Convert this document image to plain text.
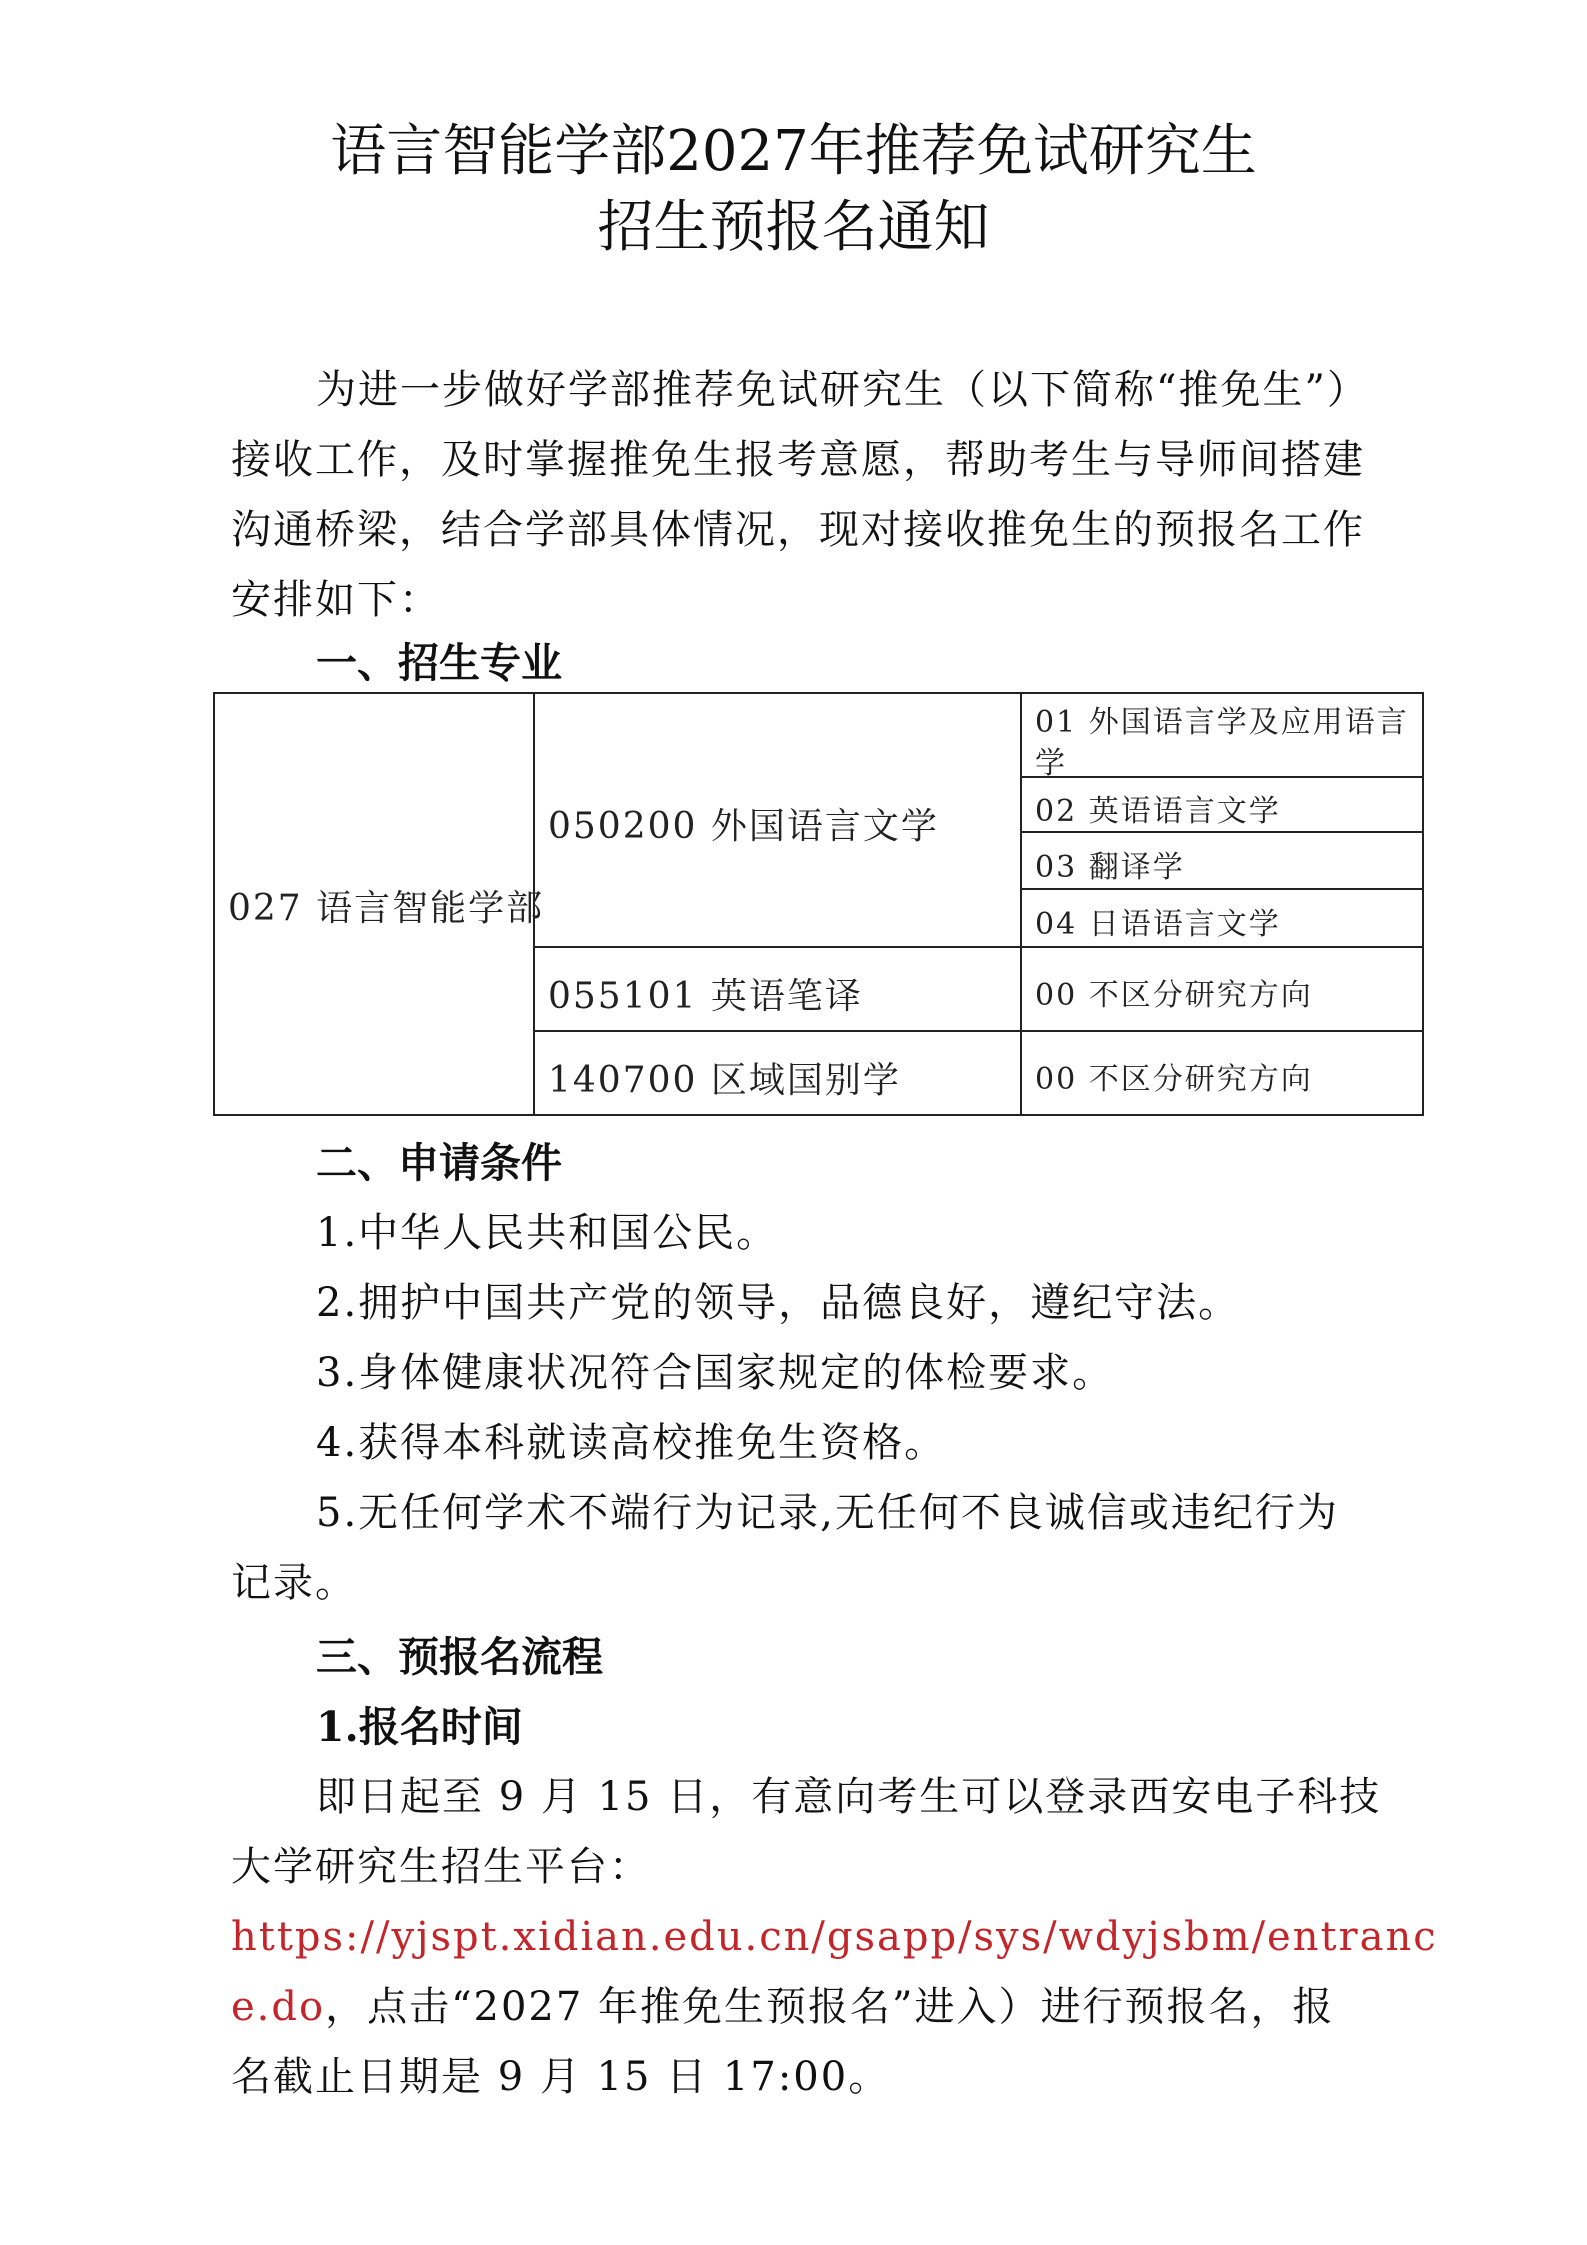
语言智能学部2027年推荐免试研究生
招生预报名通知
为进一步做好学部推荐免试研究生（以下简称“推免生”）
接收工作，及时掌握推免生报考意愿，帮助考生与导师间搭建
沟通桥梁，结合学部具体情况，现对接收推免生的预报名工作
安排如下：
一、招生专业
027 语言智能学部
050200 外国语言文学
055101 英语笔译
140700 区域国别学
01 外国语言学及应用语言
学
02 英语语言文学
03 翻译学
04 日语语言文学
00 不区分研究方向
00 不区分研究方向
二、申请条件
1.中华人民共和国公民。
2.拥护中国共产党的领导，品德良好，遵纪守法。
3.身体健康状况符合国家规定的体检要求。
4.获得本科就读高校推免生资格。
5.无任何学术不端行为记录,无任何不良诚信或违纪行为
记录。
三、预报名流程
1.报名时间
即日起至 9 月 15 日，有意向考生可以登录西安电子科技
大学研究生招生平台：
https://yjspt.xidian.edu.cn/gsapp/sys/wdyjsbm/entranc
e.do，点击“2027 年推免生预报名”进入）进行预报名，报
名截止日期是 9 月 15 日 17:00。
